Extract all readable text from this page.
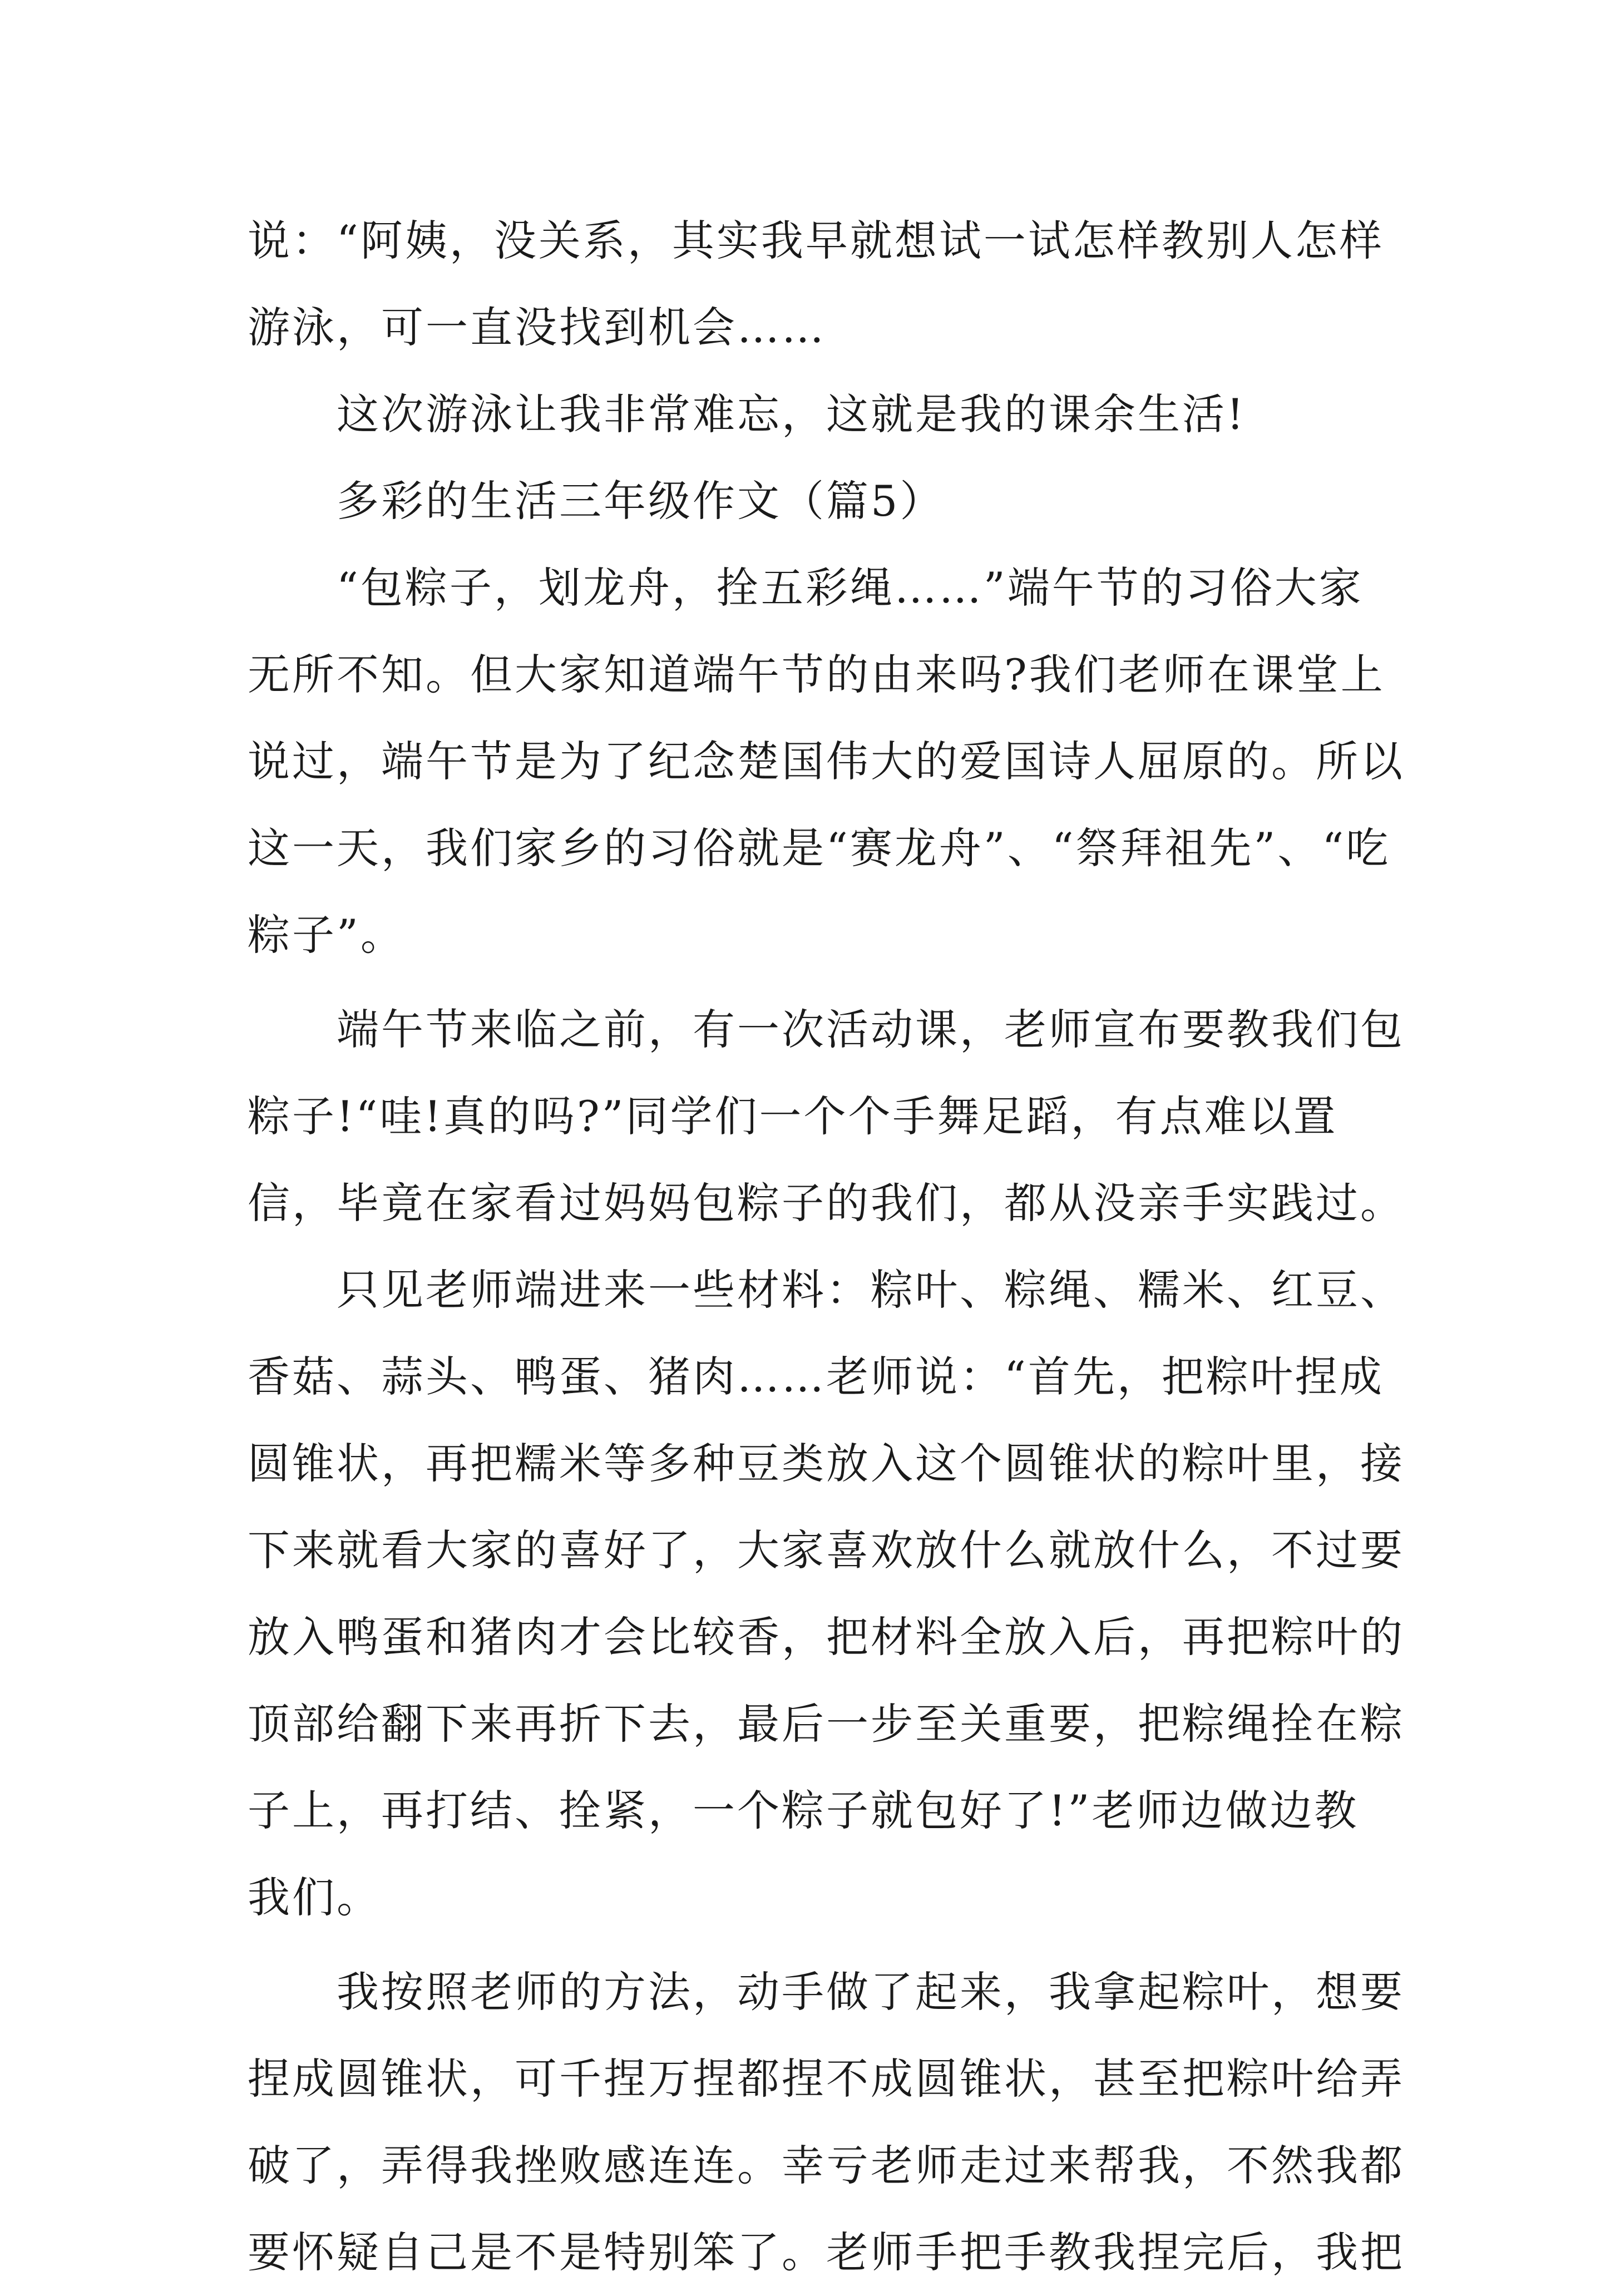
说：“阿姨，没关系，其实我早就想试一试怎样教别人怎样
游泳，可一直没找到机会……
　　这次游泳让我非常难忘，这就是我的课余生活!
　　多彩的生活三年级作文（篇5）
　　“包粽子，划龙舟，拴五彩绳……”端午节的习俗大家
无所不知。但大家知道端午节的由来吗?我们老师在课堂上
说过，端午节是为了纪念楚国伟大的爱国诗人屈原的。所以
这一天，我们家乡的习俗就是“赛龙舟”、“祭拜祖先”、“吃
粽子”。
　　端午节来临之前，有一次活动课，老师宣布要教我们包
粽子!“哇!真的吗?”同学们一个个手舞足蹈，有点难以置
信，毕竟在家看过妈妈包粽子的我们，都从没亲手实践过。
　　只见老师端进来一些材料：粽叶、粽绳、糯米、红豆、
香菇、蒜头、鸭蛋、猪肉……老师说：“首先，把粽叶捏成
圆锥状，再把糯米等多种豆类放入这个圆锥状的粽叶里，接
下来就看大家的喜好了，大家喜欢放什么就放什么，不过要
放入鸭蛋和猪肉才会比较香，把材料全放入后，再把粽叶的
顶部给翻下来再折下去，最后一步至关重要，把粽绳拴在粽
子上，再打结、拴紧，一个粽子就包好了!”老师边做边教
我们。
　　我按照老师的方法，动手做了起来，我拿起粽叶，想要
捏成圆锥状，可千捏万捏都捏不成圆锥状，甚至把粽叶给弄
破了，弄得我挫败感连连。幸亏老师走过来帮我，不然我都
要怀疑自己是不是特别笨了。老师手把手教我捏完后，我把
